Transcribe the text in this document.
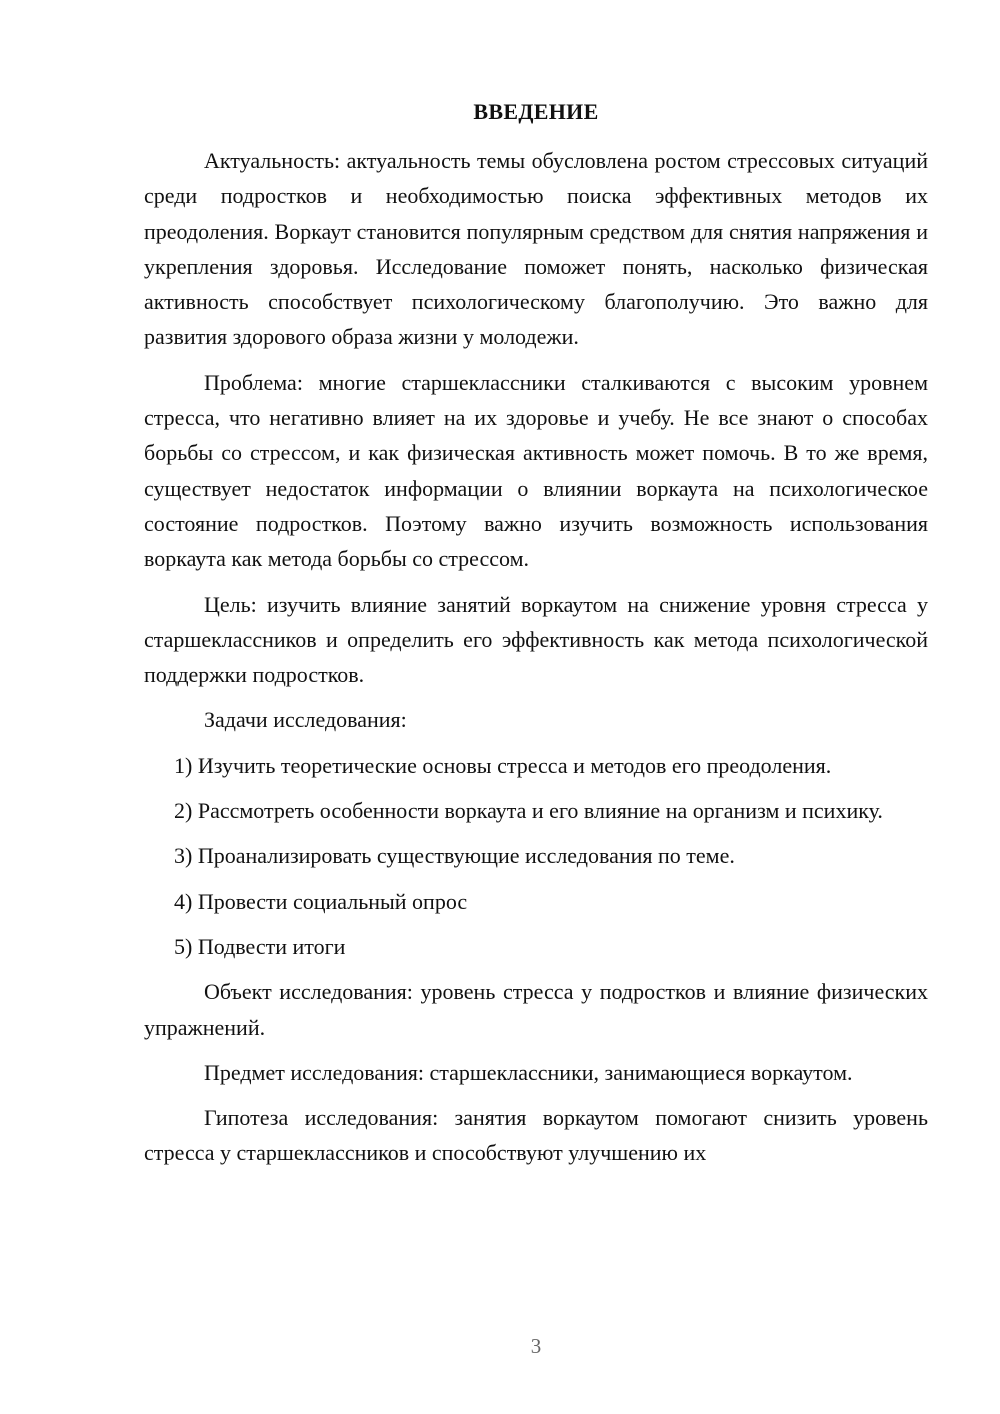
ВВЕДЕНИЕ

Актуальность: актуальность темы обусловлена ростом стрессовых ситуаций среди подростков и необходимостью поиска эффективных методов их преодоления. Воркаут становится популярным средством для снятия напряжения и укрепления здоровья. Исследование поможет понять, насколько физическая активность способствует психологическому благополучию. Это важно для развития здорового образа жизни у молодежи.

Проблема: многие старшеклассники сталкиваются с высоким уровнем стресса, что негативно влияет на их здоровье и учебу. Не все знают о способах борьбы со стрессом, и как физическая активность может помочь. В то же время, существует недостаток информации о влиянии воркаута на психологическое состояние подростков. Поэтому важно изучить возможность использования воркаута как метода борьбы со стрессом.

Цель: изучить влияние занятий воркаутом на снижение уровня стресса у старшеклассников и определить его эффективность как метода психологической поддержки подростков.

Задачи исследования:

1) Изучить теоретические основы стресса и методов его преодоления.

2) Рассмотреть особенности воркаута и его влияние на организм и психику.

3) Проанализировать существующие исследования по теме.

4) Провести социальный опрос

5) Подвести итоги

Объект исследования: уровень стресса у подростков и влияние физических упражнений.

Предмет исследования: старшеклассники, занимающиеся воркаутом.

Гипотеза исследования: занятия воркаутом помогают снизить уровень стресса у старшеклассников и способствуют улучшению их

3
